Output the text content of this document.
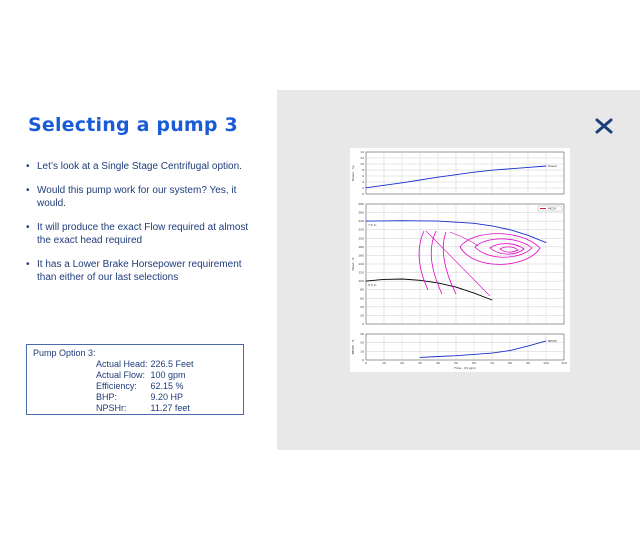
Selecting a pump 3
• Let’s look at a Single Stage Centrifugal option.
• Would this pump work for our system? Yes, it would.
• It will produce the exact Flow required at almost the exact head required
• It has a Lower Brake Horsepower requirement than either of our last selections
Pump Option 3:
Actual Head: 226.5 Feet
Actual Flow: 100 gpm
Efficiency: 62.15 %
BHP:	9.20 HP
NPSHr:	11.27 feet
0
10
20
30
NPSHr - ft
0	10	20	30	40	50	60	70	80	90	100	110
Flow - US gpm
NPSHr
0
20
40
60
80
100
120
140
160
180
200
220
240
260
280
Head - ft
7.5 in
5.0 in
MCSF
0
2
4
6
8
10
12
14
Power - hp	Power
